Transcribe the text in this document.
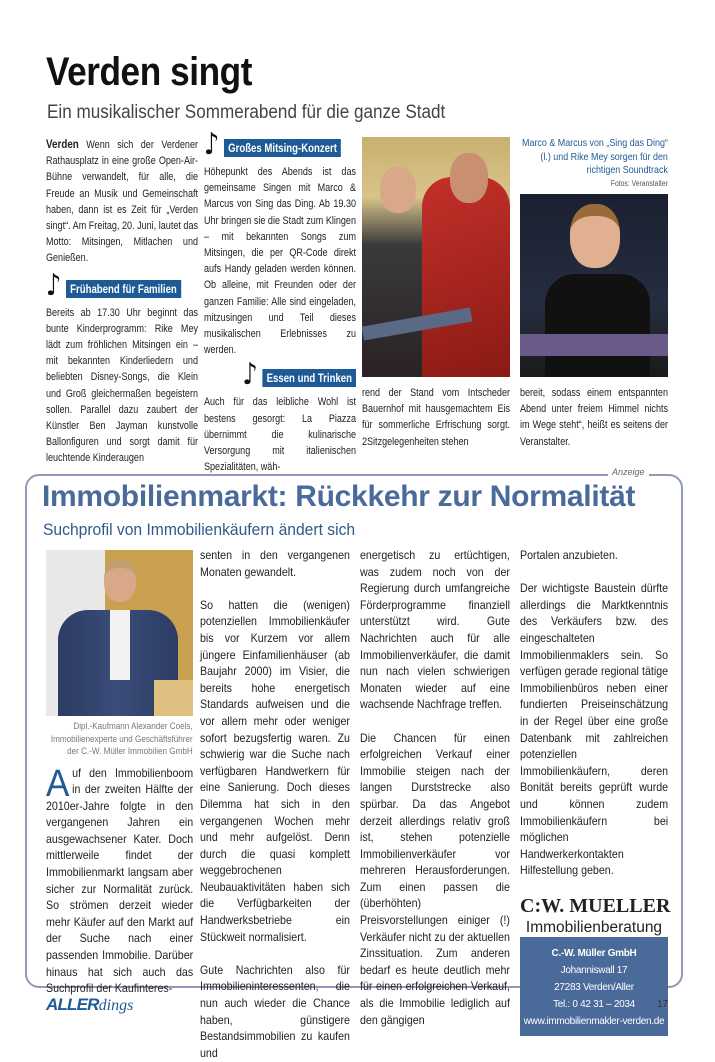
Verden singt
Ein musikalischer Sommerabend für die ganze Stadt

Verden Wenn sich der Verdener Rathausplatz in eine große Open-Air-Bühne verwandelt, für alle, die Freude an Musik und Gemeinschaft haben, dann ist es Zeit für „Verden singt“. Am Freitag, 20. Juni, lautet das Motto: Mitsingen, Mitlachen und Genießen.

♪ Frühabend für Familien

Bereits ab 17.30 Uhr beginnt das bunte Kinderprogramm: Rike Mey lädt zum fröhlichen Mitsingen ein – mit bekannten Kinderliedern und beliebten Disney-Songs, die Klein und Groß gleichermaßen begeistern sollen. Parallel dazu zaubert der Künstler Ben Jayman kunstvolle Ballonfiguren und sorgt damit für leuchtende Kinderaugen

♪ Großes Mitsing-Konzert

Höhepunkt des Abends ist das gemeinsame Singen mit Marco & Marcus von Sing das Ding. Ab 19.30 Uhr bringen sie die Stadt zum Klingen – mit bekannten Songs zum Mitsingen, die per QR-Code direkt aufs Handy geladen werden können. Ob alleine, mit Freunden oder der ganzen Familie: Alle sind eingeladen, mitzusingen und Teil dieses musikalischen Erlebnisses zu werden.

♪ Essen und Trinken

Auch für das leibliche Wohl ist bestens gesorgt: La Piazza übernimmt die kulinarische Versorgung mit italienischen Spezialitäten, wäh-

Marco & Marcus von „Sing das Ding“ (l.) und Rike Mey sorgen für den richtigen Soundtrack
Fotos: Veranstalter
rend der Stand vom Intscheder Bauernhof mit hausgemachtem Eis für sommerliche Erfrischung sorgt. 2Sitzgelegenheiten stehen
bereit, sodass einem entspannten Abend unter freiem Himmel nichts im Wege steht“, heißt es seitens der Veranstalter.
Anzeige
Immobilienmarkt: Rückkehr zur Normalität
Suchprofil von Immobilienkäufern ändert sich
Dipl.-Kaufmann Alexander Coels, Immobilienexperte und Geschäftsführer der C.-W. Müller Immobilien GmbH
Auf den Immobilienboom in der zweiten Hälfte der 2010er-Jahre folgte in den vergangenen Jahren ein ausgewachsener Kater. Doch mittlerweile findet der Immobilienmarkt langsam aber sicher zur Normalität zurück. So strömen derzeit wieder mehr Käufer auf den Markt auf der Suche nach einer passenden Immobilie. Darüber hinaus hat sich auch das Suchprofil der Kaufinteres-

senten in den vergangenen Monaten gewandelt.

So hatten die (wenigen) potenziellen Immobilienkäufer bis vor Kurzem vor allem jüngere Einfamilienhäuser (ab Baujahr 2000) im Visier, die bereits hohe energetisch Standards aufweisen und die vor allem mehr oder weniger sofort bezugsfertig waren. Zu schwierig war die Suche nach verfügbaren Handwerkern für eine Sanierung. Doch dieses Dilemma hat sich in den vergangenen Wochen mehr und mehr aufgelöst. Denn durch die quasi komplett weggebrochenen Neubauaktivitäten haben sich die Verfügbarkeiten der Handwerksbetriebe ein Stückweit normalisiert.

Gute Nachrichten also für Immobilieninteressenten, die nun auch wieder die Chance haben, günstigere Bestandsimmobilien zu kaufen und

energetisch zu ertüchtigen, was zudem noch von der Regierung durch umfangreiche Förderprogramme finanziell unterstützt wird. Gute Nachrichten auch für alle Immobilienverkäufer, die damit nun nach vielen schwierigen Monaten wieder auf eine wachsende Nachfrage treffen.

Die Chancen für einen erfolgreichen Verkauf einer Immobilie steigen nach der langen Durststrecke also spürbar. Da das Angebot derzeit allerdings relativ groß ist, stehen potenzielle Immobilienverkäufer vor mehreren Herausforderungen. Zum einen passen die (überhöhten) Preisvorstellungen einiger (!) Verkäufer nicht zu der aktuellen Zinssituation. Zum anderen bedarf es heute deutlich mehr für einen erfolgreichen Verkauf, als die Immobilie lediglich auf den gängigen

Portalen anzubieten.

Der wichtigste Baustein dürfte allerdings die Marktkenntnis des Verkäufers bzw. des eingeschalteten Immobilienmaklers sein. So verfügen gerade regional tätige Immobilienbüros neben einer fundierten Preiseinschätzung in der Regel über eine große Datenbank mit zahlreichen potenziellen Immobilienkäufern, deren Bonität bereits geprüft wurde und können zudem Immobilienkäufern bei möglichen Handwerkerkontakten Hilfestellung geben.

C:W. MUELLER
Immobilienberatung
C.-W. Müller GmbH
Johanniswall 17
27283 Verden/Aller
Tel.: 0 42 31 – 2034
www.immobilienmakler-verden.de
ALLERdings	17
